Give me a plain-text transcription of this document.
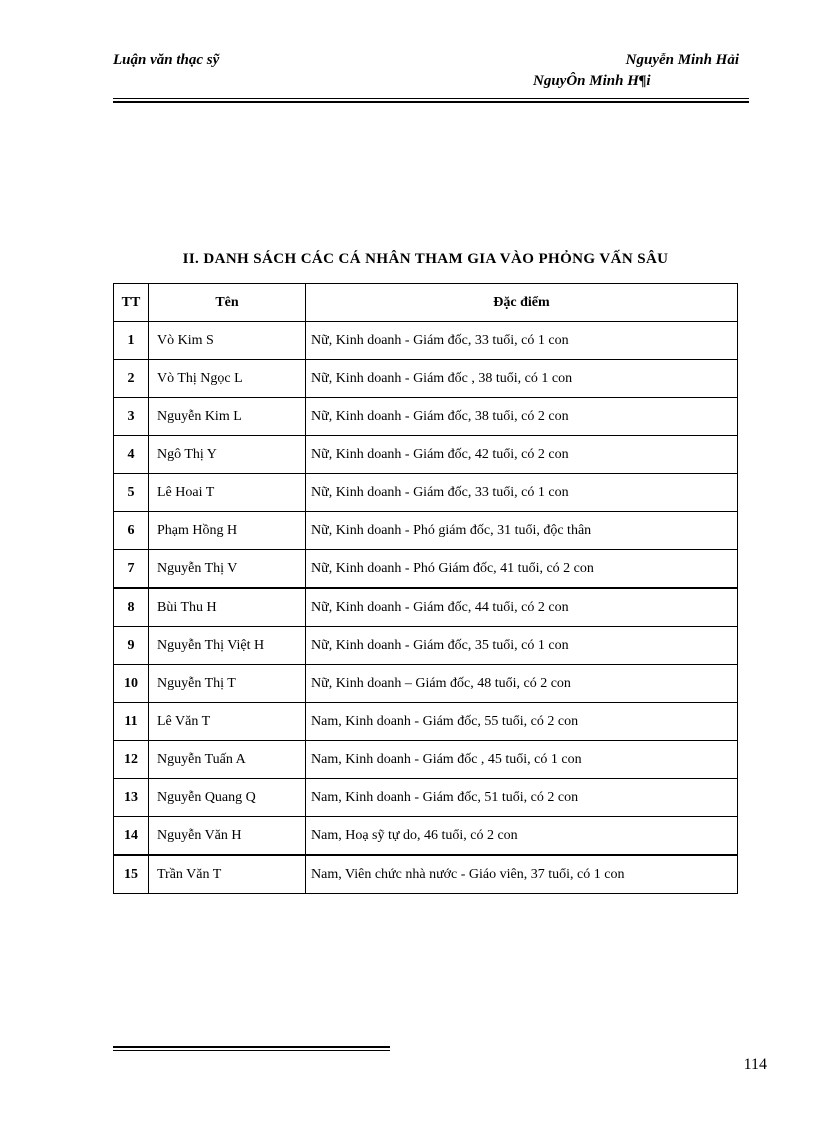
Luận văn thạc sỹ	Nguyễn Minh Hải
NguyÔn Minh H¶i
II. DANH SÁCH CÁC CÁ NHÂN THAM GIA VÀO PHỎNG VẤN SÂU
TT	Tên	Đặc điểm
1	Vò Kim S	Nữ, Kinh doanh - Giám đốc, 33 tuổi, có 1 con
2	Vò Thị Ngọc L	Nữ, Kinh doanh - Giám đốc , 38 tuổi, có 1 con
3	Nguyễn Kim L	Nữ, Kinh doanh - Giám đốc, 38 tuổi, có 2 con
4	Ngô Thị Y	Nữ, Kinh doanh - Giám đốc, 42 tuổi, có 2 con
5	Lê Hoai T	Nữ, Kinh doanh - Giám đốc, 33 tuổi, có 1 con
6	Phạm Hồng H	Nữ, Kinh doanh - Phó giám đốc, 31 tuổi, độc thân
7	Nguyễn Thị V	Nữ, Kinh doanh - Phó Giám đốc, 41 tuổi, có 2 con
8	Bùi Thu H	Nữ, Kinh doanh - Giám đốc, 44 tuổi, có 2 con
9	Nguyễn Thị Việt H	Nữ, Kinh doanh - Giám đốc, 35 tuổi, có 1 con
10	Nguyễn Thị T	Nữ, Kinh doanh – Giám đốc, 48 tuổi, có 2 con
11	Lê Văn T	Nam, Kinh doanh - Giám đốc, 55 tuổi, có 2 con
12	Nguyễn Tuấn A	Nam, Kinh doanh - Giám đốc , 45 tuổi, có 1 con
13	Nguyễn Quang Q	Nam, Kinh doanh - Giám đốc, 51 tuổi, có 2 con
14	Nguyễn Văn H	Nam, Hoạ sỹ tự do, 46 tuổi, có 2 con
15	Trần Văn T	Nam, Viên chức nhà nước - Giáo viên, 37 tuổi, có 1 con
114
